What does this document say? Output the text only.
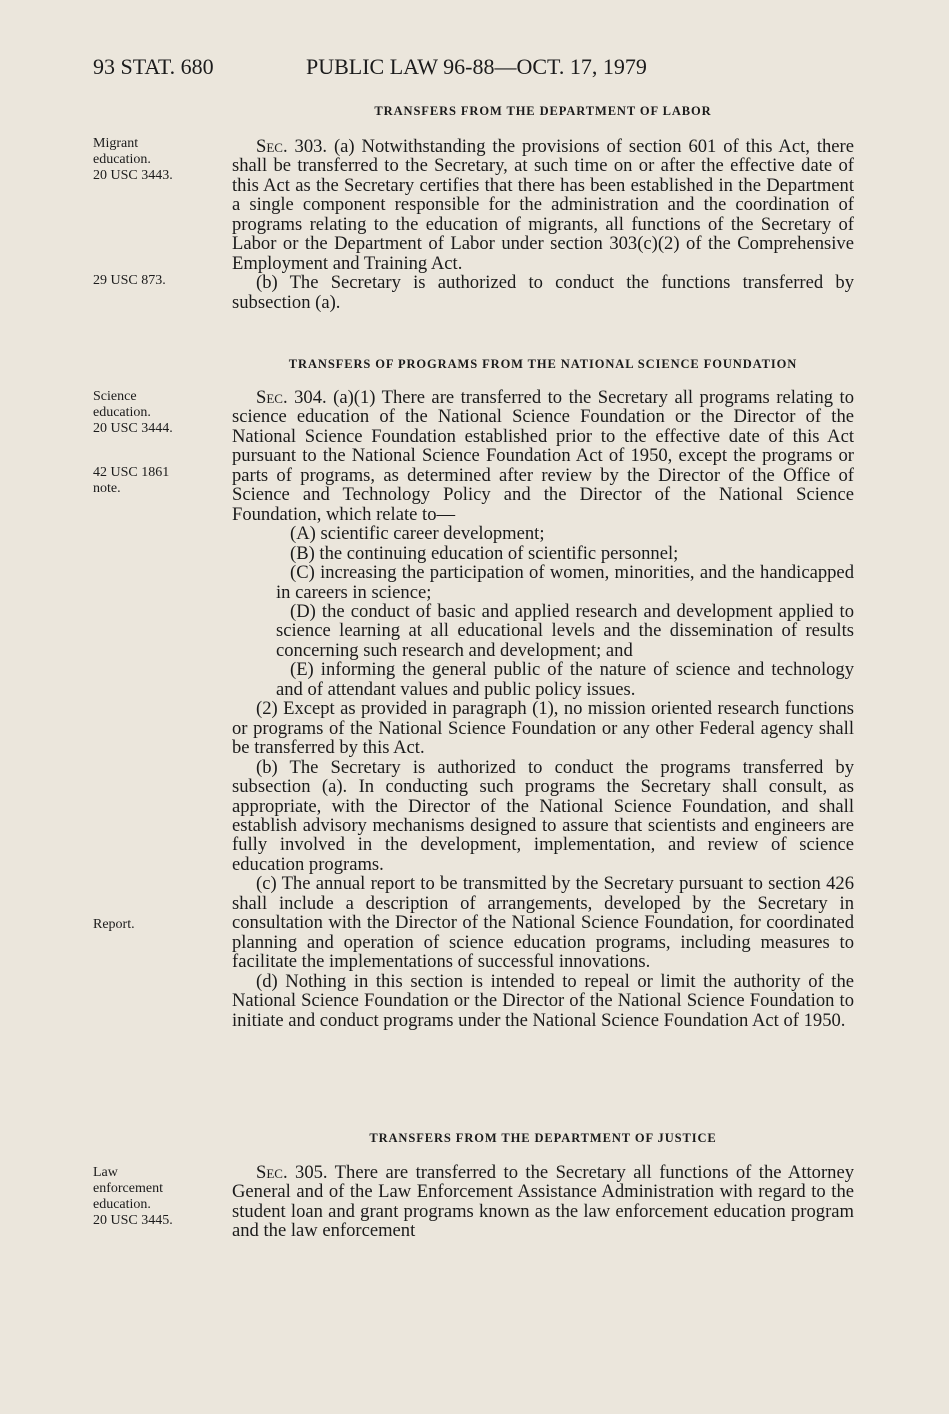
93 STAT. 680	PUBLIC LAW 96-88—OCT. 17, 1979
TRANSFERS FROM THE DEPARTMENT OF LABOR
Migrant
education.
20 USC 3443.
29 USC 873.

Sec. 303. (a) Notwithstanding the provisions of section 601 of this Act, there shall be transferred to the Secretary, at such time on or after the effective date of this Act as the Secretary certifies that there has been established in the Department a single component responsible for the administration and the coordination of programs relating to the education of migrants, all functions of the Secretary of Labor or the Department of Labor under section 303(c)(2) of the Comprehensive Employment and Training Act.

(b) The Secretary is authorized to conduct the functions transferred by subsection (a).

TRANSFERS OF PROGRAMS FROM THE NATIONAL SCIENCE FOUNDATION
Science
education.
20 USC 3444.
42 USC 1861
note.
Report.

Sec. 304. (a)(1) There are transferred to the Secretary all programs relating to science education of the National Science Foundation or the Director of the National Science Foundation established prior to the effective date of this Act pursuant to the National Science Foundation Act of 1950, except the programs or parts of programs, as determined after review by the Director of the Office of Science and Technology Policy and the Director of the National Science Foundation, which relate to—

(A) scientific career development;

(B) the continuing education of scientific personnel;

(C) increasing the participation of women, minorities, and the handicapped in careers in science;

(D) the conduct of basic and applied research and development applied to science learning at all educational levels and the dissemination of results concerning such research and development; and

(E) informing the general public of the nature of science and technology and of attendant values and public policy issues.

(2) Except as provided in paragraph (1), no mission oriented research functions or programs of the National Science Foundation or any other Federal agency shall be transferred by this Act.

(b) The Secretary is authorized to conduct the programs transferred by subsection (a). In conducting such programs the Secretary shall consult, as appropriate, with the Director of the National Science Foundation, and shall establish advisory mechanisms designed to assure that scientists and engineers are fully involved in the development, implementation, and review of science education programs.

(c) The annual report to be transmitted by the Secretary pursuant to section 426 shall include a description of arrangements, developed by the Secretary in consultation with the Director of the National Science Foundation, for coordinated planning and operation of science education programs, including measures to facilitate the implementations of successful innovations.

(d) Nothing in this section is intended to repeal or limit the authority of the National Science Foundation or the Director of the National Science Foundation to initiate and conduct programs under the National Science Foundation Act of 1950.

TRANSFERS FROM THE DEPARTMENT OF JUSTICE
Law
enforcement
education.
20 USC 3445.

Sec. 305. There are transferred to the Secretary all functions of the Attorney General and of the Law Enforcement Assistance Administration with regard to the student loan and grant programs known as the law enforcement education program and the law enforcement
